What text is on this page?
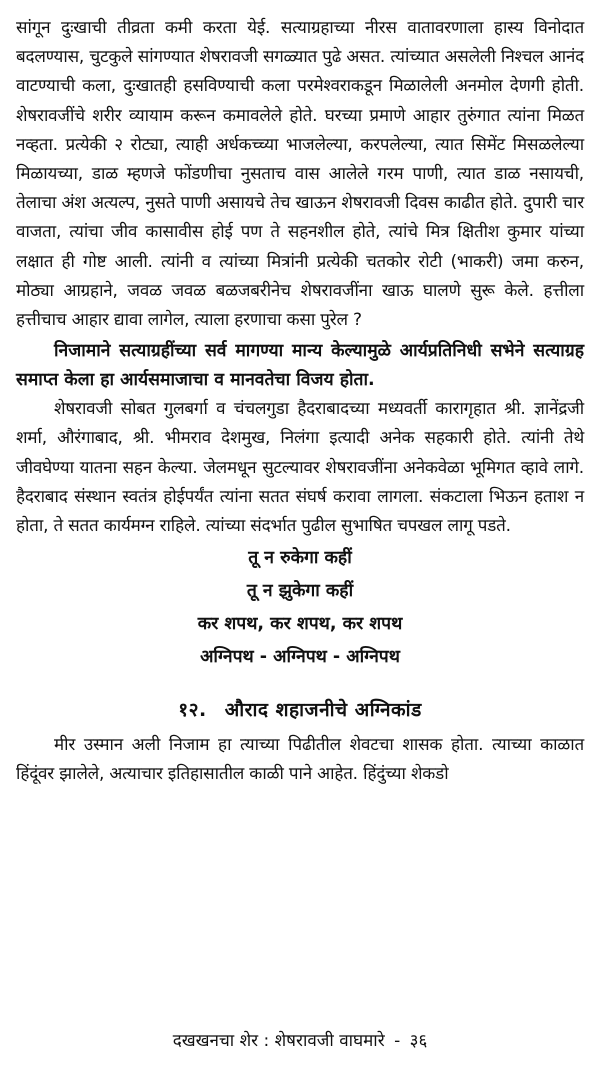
सांगून दुःखाची तीव्रता कमी करता येई. सत्याग्रहाच्या नीरस वातावरणाला हास्य विनोदात बदलण्यास, चुटकुले सांगण्यात शेषरावजी सगळ्यात पुढे असत. त्यांच्यात असलेली निश्चल आनंद वाटण्याची कला, दुःखातही हसविण्याची कला परमेश्वराकडून मिळालेली अनमोल देणगी होती. शेषरावजींचे शरीर व्यायाम करून कमावलेले होते. घरच्या प्रमाणे आहार तुरुंगात त्यांना मिळत नव्हता. प्रत्येकी २ रोट्या, त्याही अर्धकच्च्या भाजलेल्या, करपलेल्या, त्यात सिमेंट मिसळलेल्या मिळायच्या, डाळ म्हणजे फोंडणीचा नुसताच वास आलेले गरम पाणी, त्यात डाळ नसायची, तेलाचा अंश अत्यल्प, नुसते पाणी असायचे तेच खाऊन शेषरावजी दिवस काढीत होते. दुपारी चार वाजता, त्यांचा जीव कासावीस होई पण ते सहनशील होते, त्यांचे मित्र क्षितीश कुमार यांच्या लक्षात ही गोष्ट आली. त्यांनी व त्यांच्या मित्रांनी प्रत्येकी चतकोर रोटी (भाकरी) जमा करुन, मोठ्या आग्रहाने, जवळ जवळ बळजबरीनेच शेषरावजींना खाऊ घालणे सुरू केले. हत्तीला हत्तीचाच आहार द्यावा लागेल, त्याला हरणाचा कसा पुरेल ?

निजामाने सत्याग्रहींच्या सर्व मागण्या मान्य केल्यामुळे आर्यप्रतिनिधी सभेने सत्याग्रह समाप्त केला हा आर्यसमाजाचा व मानवतेचा विजय होता.

शेषरावजी सोबत गुलबर्गा व चंचलगुडा हैदराबादच्या मध्यवर्ती कारागृहात श्री. ज्ञानेंद्रजी शर्मा, औरंगाबाद, श्री. भीमराव देशमुख, निलंगा इत्यादी अनेक सहकारी होते. त्यांनी तेथे जीवघेण्या यातना सहन केल्या. जेलमधून सुटल्यावर शेषरावजींना अनेकवेळा भूमिगत व्हावे लागे. हैदराबाद संस्थान स्वतंत्र होईपर्यंत त्यांना सतत संघर्ष करावा लागला. संकटाला भिऊन हताश न होता, ते सतत कार्यमग्न राहिले. त्यांच्या संदर्भात पुढील सुभाषित चपखल लागू पडते.

तू न रुकेगा कहीं
तू न झुकेगा कहीं
कर शपथ, कर शपथ, कर शपथ
अग्निपथ - अग्निपथ - अग्निपथ
१२. औराद शहाजनीचे अग्निकांड

मीर उस्मान अली निजाम हा त्याच्या पिढीतील शेवटचा शासक होता. त्याच्या काळात हिंदूंवर झालेले, अत्याचार इतिहासातील काळी पाने आहेत. हिंदुंच्या शेकडो

दखखनचा शेर : शेषरावजी वाघमारे - ३६
